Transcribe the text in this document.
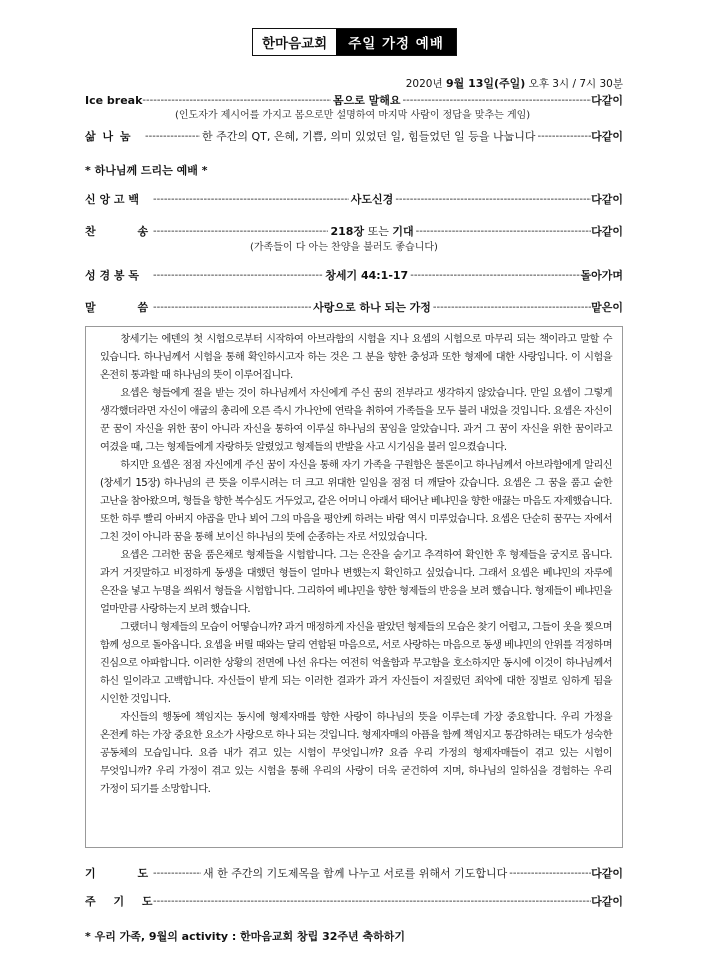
한마음교회	주일 가정 예배
2020년 9월 13일(주일) 오후 3시 / 7시 30분
Ice break -----	몸으로 말해요 -----	다같이
(인도자가 제시어를 가지고 몸으로만 설명하여 마지막 사람이 정답을 맞추는 게임)
삶 나 눔 -----	한 주간의 QT, 은혜, 기쁨, 의미 있었던 일, 힘들었던 일 등을 나눕니다 -----	다같이
* 하나님께 드리는 예배 *
신 앙 고 백 -----	사도신경 -----	다같이
찬 송 -----	218장 또는 기대 -----	다같이
(가족들이 다 아는 찬양을 불러도 좋습니다)
성 경 봉 독 -----	창세기 44:1-17 -----	돌아가며
말 씀 -----	사랑으로 하나 되는 가정 -----	맡은이

창세기는 에덴의 첫 시험으로부터 시작하여 아브라함의 시험을 지나 요셉의 시험으로 마무리 되는 책이라고 말할 수 있습니다. 하나님께서 시험을 통해 확인하시고자 하는 것은 그 분을 향한 충성과 또한 형제에 대한 사랑입니다. 이 시험을 온전히 통과할 때 하나님의 뜻이 이루어집니다.

요셉은 형들에게 절을 받는 것이 하나님께서 자신에게 주신 꿈의 전부라고 생각하지 않았습니다. 만일 요셉이 그렇게 생각했더라면 자신이 애굽의 총리에 오른 즉시 가나안에 연락을 취하여 가족들을 모두 불러 내었을 것입니다. 요셉은 자신이 꾼 꿈이 자신을 위한 꿈이 아니라 자신을 통하여 이루실 하나님의 꿈임을 알았습니다. 과거 그 꿈이 자신을 위한 꿈이라고 여겼을 때, 그는 형제들에게 자랑하듯 알렸었고 형제들의 반발을 사고 시기심을 불러 일으켰습니다.

하지만 요셉은 점점 자신에게 주신 꿈이 자신을 통해 자기 가족을 구원함은 물론이고 하나님께서 아브라함에게 알리신(창세기 15장) 하나님의 큰 뜻을 이루시려는 더 크고 위대한 일임을 점점 더 깨달아 갔습니다. 요셉은 그 꿈을 품고 숱한 고난을 참아왔으며, 형들을 향한 복수심도 거두었고, 같은 어머니 아래서 태어난 베냐민을 향한 애끓는 마음도 자제했습니다. 또한 하루 빨리 아버지 야곱을 만나 뵈어 그의 마음을 평안케 하려는 바람 역시 미루었습니다. 요셉은 단순히 꿈꾸는 자에서 그친 것이 아니라 꿈을 통해 보이신 하나님의 뜻에 순종하는 자로 서있었습니다.

요셉은 그러한 꿈을 품은채로 형제들을 시험합니다. 그는 은잔을 숨기고 추격하여 확인한 후 형제들을 궁지로 몹니다. 과거 거짓말하고 비정하게 동생을 대했던 형들이 얼마나 변했는지 확인하고 싶었습니다. 그래서 요셉은 베냐민의 자루에 은잔을 넣고 누명을 씌워서 형들을 시험합니다. 그리하여 베냐민을 향한 형제들의 반응을 보려 했습니다. 형제들이 베냐민을 얼마만큼 사랑하는지 보려 했습니다.

그랬더니 형제들의 모습이 어떻습니까? 과거 매정하게 자신을 팔았던 형제들의 모습은 찾기 어렵고, 그들이 옷을 찢으며 함께 성으로 돌아옵니다. 요셉을 버릴 때와는 달리 연합된 마음으로, 서로 사랑하는 마음으로 동생 베냐민의 안위를 걱정하며 진심으로 아파합니다. 이러한 상황의 전면에 나선 유다는 여전히 억울함과 무고함을 호소하지만 동시에 이것이 하나님께서 하신 일이라고 고백합니다. 자신들이 받게 되는 이러한 결과가 과거 자신들이 저질렀던 죄악에 대한 징벌로 임하게 됨을 시인한 것입니다.

자신들의 행동에 책임지는 동시에 형제자매를 향한 사랑이 하나님의 뜻을 이루는데 가장 중요합니다. 우리 가정을 온전케 하는 가장 중요한 요소가 사랑으로 하나 되는 것입니다. 형제자매의 아픔을 함께 책임지고 통감하려는 태도가 성숙한 공동체의 모습입니다. 요즘 내가 겪고 있는 시험이 무엇입니까? 요즘 우리 가정의 형제자매들이 겪고 있는 시험이 무엇입니까? 우리 가정이 겪고 있는 시험을 통해 우리의 사랑이 더욱 굳건하여 지며, 하나님의 일하심을 경험하는 우리 가정이 되기를 소망합니다.

기 도 -----	새 한 주간의 기도제목을 함께 나누고 서로를 위해서 기도합니다 -----	다같이
주 기 도 -----	다같이
* 우리 가족, 9월의 activity : 한마음교회 창립 32주년 축하하기
